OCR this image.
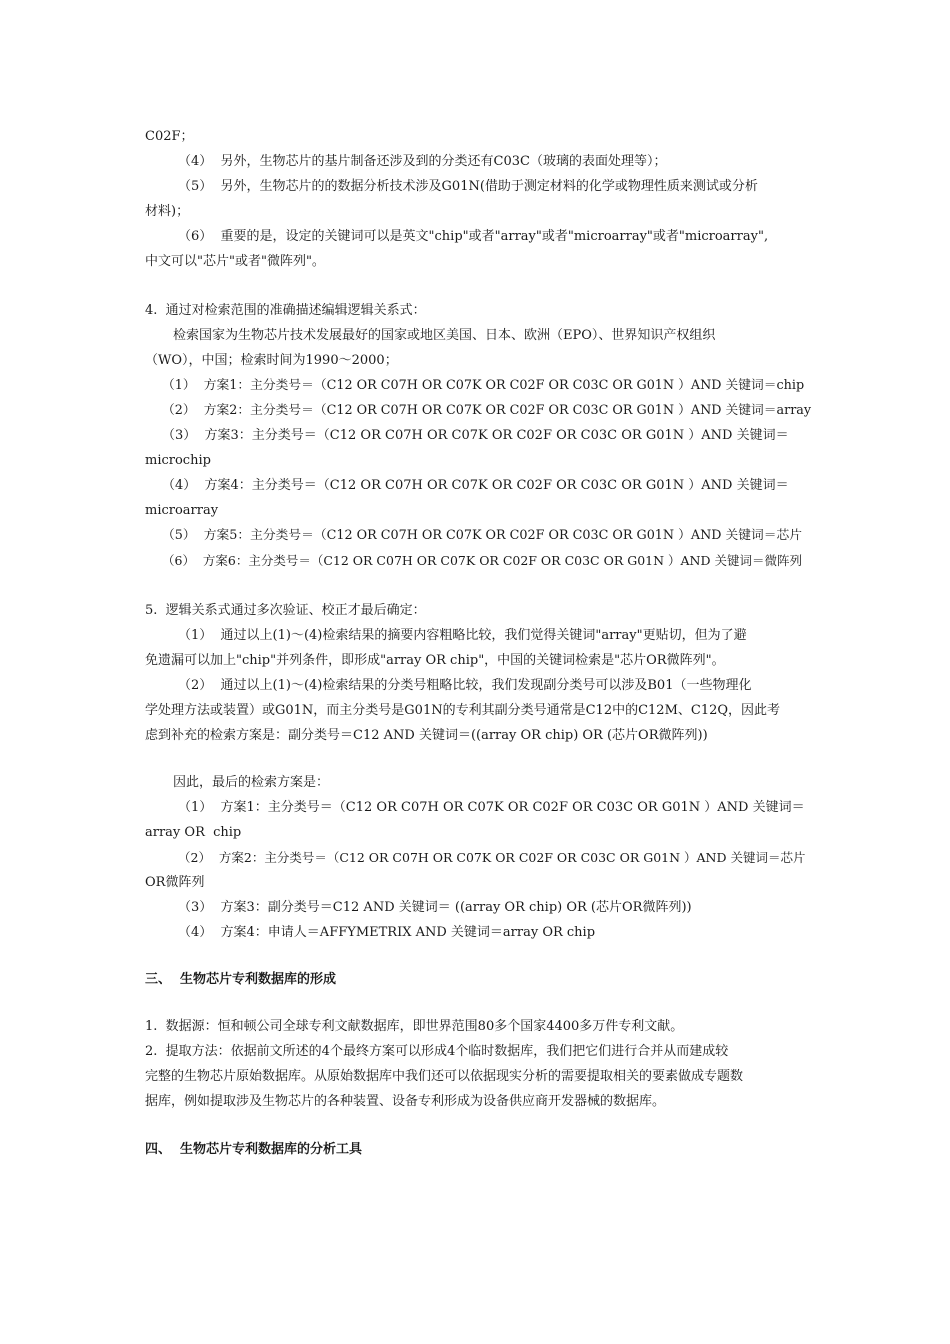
C02F；
（4）  另外，生物芯片的基片制备还涉及到的分类还有C03C（玻璃的表面处理等）；
（5）  另外，生物芯片的的数据分析技术涉及G01N(借助于测定材料的化学或物理性质来测试或分析
材料)；
（6）  重要的是，设定的关键词可以是英文"chip"或者"array"或者"microarray"或者"microarray",
中文可以"芯片"或者"微阵列"。
4.  通过对检索范围的准确描述编辑逻辑关系式：
检索国家为生物芯片技术发展最好的国家或地区美国、日本、欧洲（EPO）、世界知识产权组织
（WO），中国；检索时间为1990～2000；
（1）  方案1：主分类号＝（C12 OR C07H OR C07K OR C02F OR C03C OR G01N ）AND 关键词＝chip
（2）  方案2：主分类号＝（C12 OR C07H OR C07K OR C02F OR C03C OR G01N ）AND 关键词＝array
（3）  方案3：主分类号＝（C12 OR C07H OR C07K OR C02F OR C03C OR G01N ）AND 关键词＝
microchip
（4）  方案4：主分类号＝（C12 OR C07H OR C07K OR C02F OR C03C OR G01N ）AND 关键词＝
microarray
（5）  方案5：主分类号＝（C12 OR C07H OR C07K OR C02F OR C03C OR G01N ）AND 关键词＝芯片
（6）  方案6：主分类号＝（C12 OR C07H OR C07K OR C02F OR C03C OR G01N ）AND 关键词＝微阵列
5.  逻辑关系式通过多次验证、校正才最后确定：
（1）  通过以上(1)～(4)检索结果的摘要内容粗略比较，我们觉得关键词"array"更贴切，但为了避
免遗漏可以加上"chip"并列条件，即形成"array OR chip"，中国的关键词检索是"芯片OR微阵列"。
（2）  通过以上(1)～(4)检索结果的分类号粗略比较，我们发现副分类号可以涉及B01（一些物理化
学处理方法或装置）或G01N，而主分类号是G01N的专利其副分类号通常是C12中的C12M、C12Q，因此考
虑到补充的检索方案是：副分类号＝C12 AND 关键词＝((array OR chip) OR (芯片OR微阵列))
因此，最后的检索方案是：
（1）  方案1：主分类号＝（C12 OR C07H OR C07K OR C02F OR C03C OR G01N ）AND 关键词＝
array OR  chip
（2）  方案2：主分类号＝（C12 OR C07H OR C07K OR C02F OR C03C OR G01N ）AND 关键词＝芯片
OR微阵列
（3）  方案3：副分类号＝C12 AND 关键词＝ ((array OR chip) OR (芯片OR微阵列))
（4）  方案4：申请人＝AFFYMETRIX AND 关键词＝array OR chip
三、  生物芯片专利数据库的形成
1.  数据源：恒和顿公司全球专利文献数据库，即世界范围80多个国家4400多万件专利文献。
2.  提取方法：依据前文所述的4个最终方案可以形成4个临时数据库，我们把它们进行合并从而建成较
完整的生物芯片原始数据库。从原始数据库中我们还可以依据现实分析的需要提取相关的要素做成专题数
据库，例如提取涉及生物芯片的各种装置、设备专利形成为设备供应商开发器械的数据库。
四、  生物芯片专利数据库的分析工具
